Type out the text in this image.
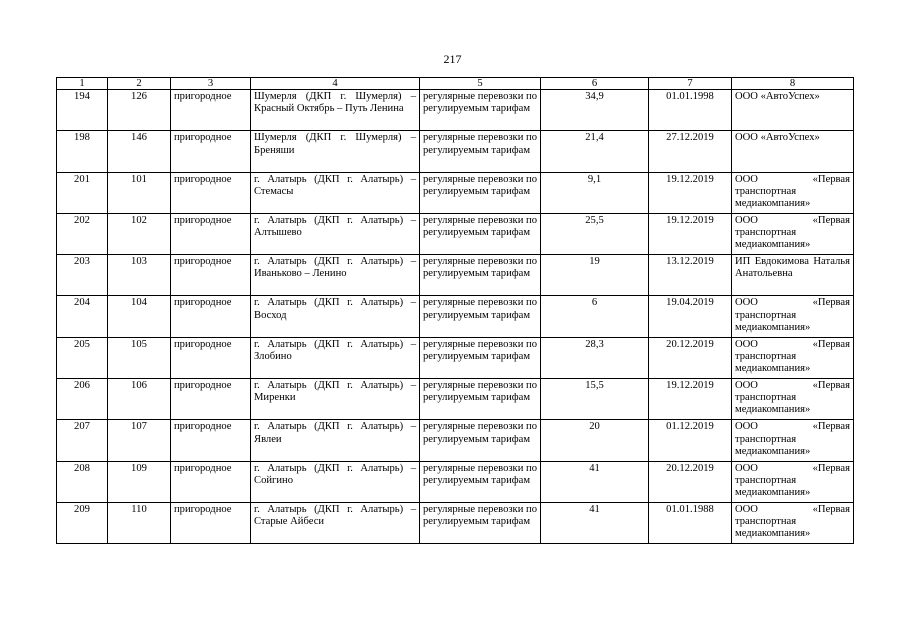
217
1	2	3	4	5	6	7	8
194	126	пригородное	Шумерля (ДКП г. Шумерля) – Красный Октябрь – Путь Ленина	регулярные перевозки по регулируемым тарифам	34,9	01.01.1998	ООО «АвтоУспех»
198	146	пригородное	Шумерля (ДКП г. Шумерля) – Бреняши	регулярные перевозки по регулируемым тарифам	21,4	27.12.2019	ООО «АвтоУспех»
201	101	пригородное	г. Алатырь (ДКП г. Алатырь) – Стемасы	регулярные перевозки по регулируемым тарифам	9,1	19.12.2019	ООО «Первая транспортная медиакомпания»
202	102	пригородное	г. Алатырь (ДКП г. Алатырь) – Алтышево	регулярные перевозки по регулируемым тарифам	25,5	19.12.2019	ООО «Первая транспортная медиакомпания»
203	103	пригородное	г. Алатырь (ДКП г. Алатырь) – Иваньково – Ленино	регулярные перевозки по регулируемым тарифам	19	13.12.2019	ИП Евдокимова Наталья Анатольевна
204	104	пригородное	г. Алатырь (ДКП г. Алатырь) – Восход	регулярные перевозки по регулируемым тарифам	6	19.04.2019	ООО «Первая транспортная медиакомпания»
205	105	пригородное	г. Алатырь (ДКП г. Алатырь) – Злобино	регулярные перевозки по регулируемым тарифам	28,3	20.12.2019	ООО «Первая транспортная медиакомпания»
206	106	пригородное	г. Алатырь (ДКП г. Алатырь) – Миренки	регулярные перевозки по регулируемым тарифам	15,5	19.12.2019	ООО «Первая транспортная медиакомпания»
207	107	пригородное	г. Алатырь (ДКП г. Алатырь) – Явлеи	регулярные перевозки по регулируемым тарифам	20	01.12.2019	ООО «Первая транспортная медиакомпания»
208	109	пригородное	г. Алатырь (ДКП г. Алатырь) – Сойгино	регулярные перевозки по регулируемым тарифам	41	20.12.2019	ООО «Первая транспортная медиакомпания»
209	110	пригородное	г. Алатырь (ДКП г. Алатырь) – Старые Айбеси	регулярные перевозки по регулируемым тарифам	41	01.01.1988	ООО «Первая транспортная медиакомпания»
